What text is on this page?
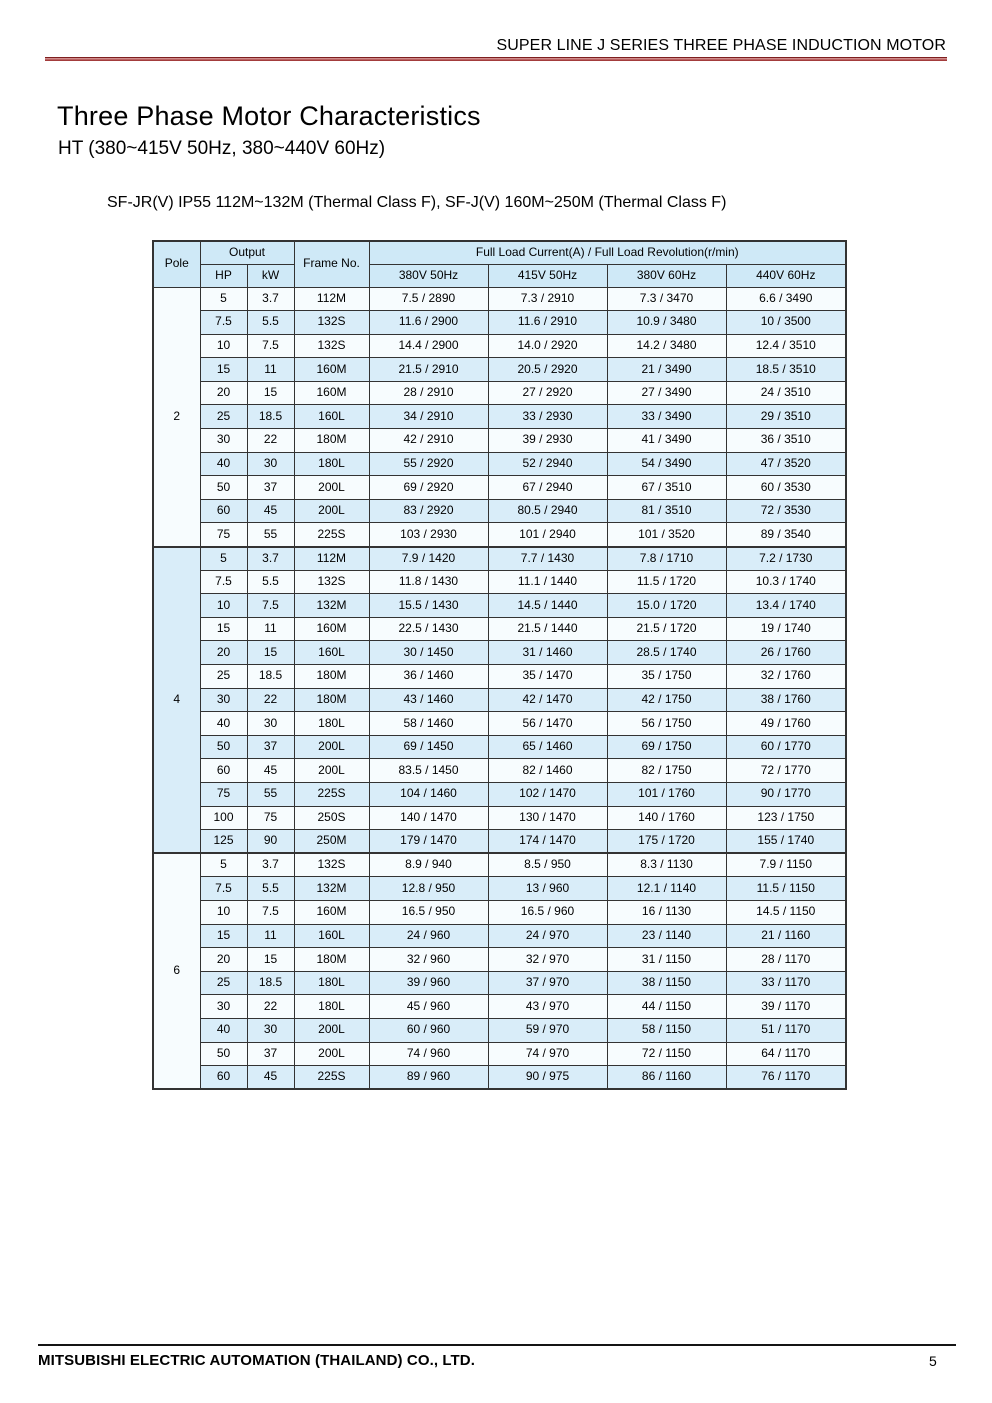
SUPER LINE J SERIES THREE PHASE INDUCTION MOTOR
Three Phase Motor Characteristics
HT (380~415V 50Hz, 380~440V 60Hz)
SF-JR(V) IP55 112M~132M (Thermal Class F), SF-J(V) 160M~250M (Thermal Class F)
Pole	Output		Frame No.	Full Load Current(A) / Full Load Revolution(r/min)			
	HP	kW		380V 50Hz	415V 50Hz	380V 60Hz	440V 60Hz
2	5	3.7	112M	7.5 / 2890	7.3 / 2910	7.3 / 3470	6.6 / 3490
	7.5	5.5	132S	11.6 / 2900	11.6 / 2910	10.9 / 3480	10 / 3500
	10	7.5	132S	14.4 / 2900	14.0 / 2920	14.2 / 3480	12.4 / 3510
	15	11	160M	21.5 / 2910	20.5 / 2920	21 / 3490	18.5 / 3510
	20	15	160M	28 / 2910	27 / 2920	27 / 3490	24 / 3510
	25	18.5	160L	34 / 2910	33 / 2930	33 / 3490	29 / 3510
	30	22	180M	42 / 2910	39 / 2930	41 / 3490	36 / 3510
	40	30	180L	55 / 2920	52 / 2940	54 / 3490	47 / 3520
	50	37	200L	69 / 2920	67 / 2940	67 / 3510	60 / 3530
	60	45	200L	83 / 2920	80.5 / 2940	81 / 3510	72 / 3530
	75	55	225S	103 / 2930	101 / 2940	101 / 3520	89 / 3540
4	5	3.7	112M	7.9 / 1420	7.7 / 1430	7.8 / 1710	7.2 / 1730
	7.5	5.5	132S	11.8 / 1430	11.1 / 1440	11.5 / 1720	10.3 / 1740
	10	7.5	132M	15.5 / 1430	14.5 / 1440	15.0 / 1720	13.4 / 1740
	15	11	160M	22.5 / 1430	21.5 / 1440	21.5 / 1720	19 / 1740
	20	15	160L	30 / 1450	31 / 1460	28.5 / 1740	26 / 1760
	25	18.5	180M	36 / 1460	35 / 1470	35 / 1750	32 / 1760
	30	22	180M	43 / 1460	42 / 1470	42 / 1750	38 / 1760
	40	30	180L	58 / 1460	56 / 1470	56 / 1750	49 / 1760
	50	37	200L	69 / 1450	65 / 1460	69 / 1750	60 / 1770
	60	45	200L	83.5 / 1450	82 / 1460	82 / 1750	72 / 1770
	75	55	225S	104 / 1460	102 / 1470	101 / 1760	90 / 1770
	100	75	250S	140 / 1470	130 / 1470	140 / 1760	123 / 1750
	125	90	250M	179 / 1470	174 / 1470	175 / 1720	155 / 1740
6	5	3.7	132S	8.9 / 940	8.5 / 950	8.3 / 1130	7.9 / 1150
	7.5	5.5	132M	12.8 / 950	13 / 960	12.1 / 1140	11.5 / 1150
	10	7.5	160M	16.5 / 950	16.5 / 960	16 / 1130	14.5 / 1150
	15	11	160L	24 / 960	24 / 970	23 / 1140	21 / 1160
	20	15	180M	32 / 960	32 / 970	31 / 1150	28 / 1170
	25	18.5	180L	39 / 960	37 / 970	38 / 1150	33 / 1170
	30	22	180L	45 / 960	43 / 970	44 / 1150	39 / 1170
	40	30	200L	60 / 960	59 / 970	58 / 1150	51 / 1170
	50	37	200L	74 / 960	74 / 970	72 / 1150	64 / 1170
	60	45	225S	89 / 960	90 / 975	86 / 1160	76 / 1170
MITSUBISHI ELECTRIC AUTOMATION (THAILAND) CO., LTD.	5
